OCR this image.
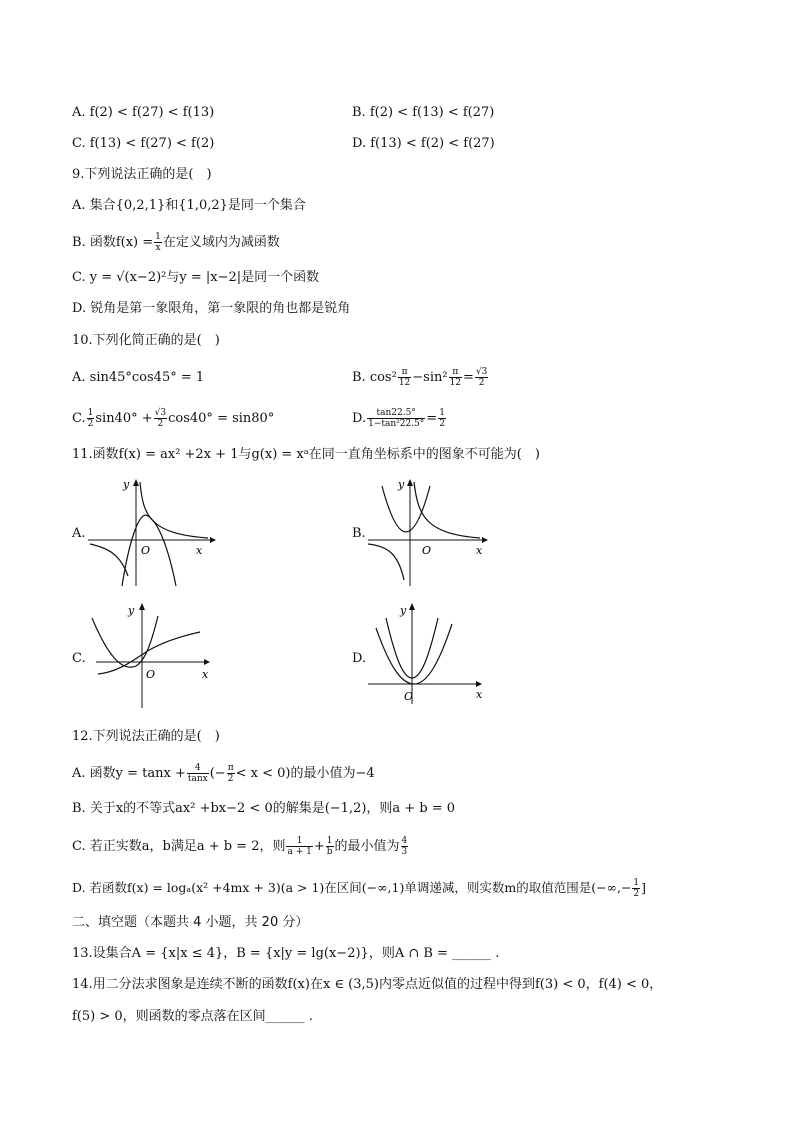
A. f(2) < f(27) < f(13)	B. f(2) < f(13) < f(27)
C. f(13) < f(27) < f(2)	D. f(13) < f(2) < f(27)
9.下列说法正确的是(　)
A. 集合{0,2,1}和{1,0,2}是同一个集合
B. 函数$f(x) = \frac{1}{x}$ 在定义域内为减函数
C. y = √(x−2)²与y = |x−2|是同一个函数
D. 锐角是第一象限角，第一象限的角也都是锐角
10.下列化简正确的是(　)
A. sin45°cos45° = 1	B. $\cos^2 \frac{\pi}{12} -\sin^2 \frac{\pi}{12} = \frac{√3}{2}$
C. $\frac{1}{2} \sin 40^\circ + \frac{√3}{2} \cos 40^\circ = \sin 80^\circ$	D. $\frac{\tan 22.5^\circ}{\text{1−tan²22.5°}} = \frac{1}{2}$
11.函数f(x) = ax² +2x + 1与g(x) = xᵃ在同一直角坐标系中的图象不可能为(　)
A.
y
O	x
B.
y
O	x
C.
y
O	x
D.
y
O	x
12.下列说法正确的是(　)
A. 函数$y = \tan x + \frac{4}{\tan x}$ (− $\frac{\pi}{2} < x < 0$)的最小值为−4
B. 关于x的不等式ax² +bx−2 < 0的解集是(−1,2)，则a + b = 0
C. 若正实数a，b满足a + b = 2，则 $\frac{1}{a + 1} + \frac{1}{b}$ 的最小值为 $\frac{4}{3}$
D. 若函数f(x) = logₐ(x² +4mx + 3)(a > 1)在区间(−∞,1)单调递减，则实数m的取值范围是(−∞,− $\frac{1}{2}$ ]
二、填空题（本题共 4 小题，共 20 分）
13.设集合A = {x|x ≤ 4}，B = {x|y = lg(x−2)}，则A ∩ B = ______ .
14.用二分法求图象是连续不断的函数f(x)在x ∈ (3,5)内零点近似值的过程中得到f(3) < 0，f(4) < 0，
f(5) > 0，则函数的零点落在区间______ .
